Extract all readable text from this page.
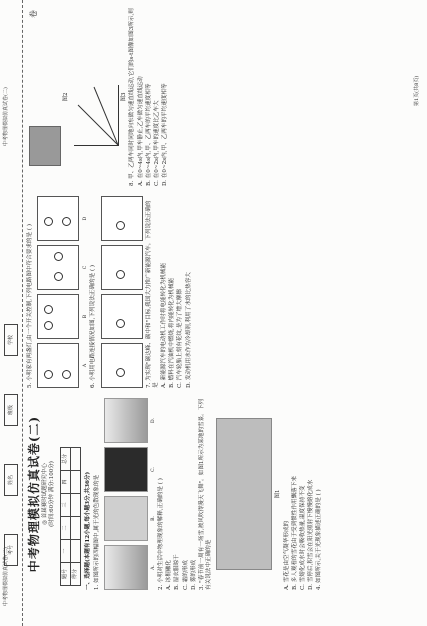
中考物理模拟仿真试卷(二)
中考物理模拟仿真试卷(二)
考号
姓名
班级
学校
中考物理模拟仿真试卷(二) ◎ 首届赛时试题研究中心 (时间:60分钟 满分:100分)
题号	一	二	三	四	总分
得分					一、选择题(本题有12小题,每小题3分,共36分) 1. 如图所示的四幅图中,属于光的色散现象的是	A.
B.
C.
D.
2. 小明对生活中物理现象的解释,正确的是 ( ) A. 冰棍融化 B. 湿衣服晾干 C. 霜的形成 D. 雾的形成 3. "春节前一周有一场雪,被风吹得漫天飞舞"。如图1所示为某地的雪景。下列有关说法中正确的是
图1
A. 雪花是由空气凝华形成的 B. 多人观看的雪花由于受到惯性作用飘落下来 C. 雪熔化成水时会吸收热量,温度保持不变 D. 雪停后,积雪会在阳光照射下慢慢熔化成水 4. 如图所示,关于光现象描述正确的是 ( )
5. 小明家有两盏灯,由一个开关控制,下列电路图中符合要求的是 ( )	A
B
C
D
6. 小明用电路连接情况如图,下列说法正确的是 ( )	7. 为实现"碳达峰、碳中和"目标,我国大力推广新能源汽车。下列说法正确的是 A. 新能源汽车的电动机工作时将电能转化为机械能 B. 燃料在汽油机中燃烧,将内能转化为机械能 C. 汽车轮胎上刻有花纹,是为了增大摩擦 D. 发动机用水作为冷却剂,利用了水的比热容大
图2	图3 8. 甲、乙两车同时同地向东做匀速直线运动,它们的s-t图像如图3所示,则 A. 在0~4s内,甲车静止,乙车做匀速直线运动 B. 在0~4s内,甲、乙两车的平均速度相等 C. 在0~2s内,甲车的速度比乙车大 D. 在0~2s内,甲、乙两车的平均速度相等	第1页(共8页)
卷
